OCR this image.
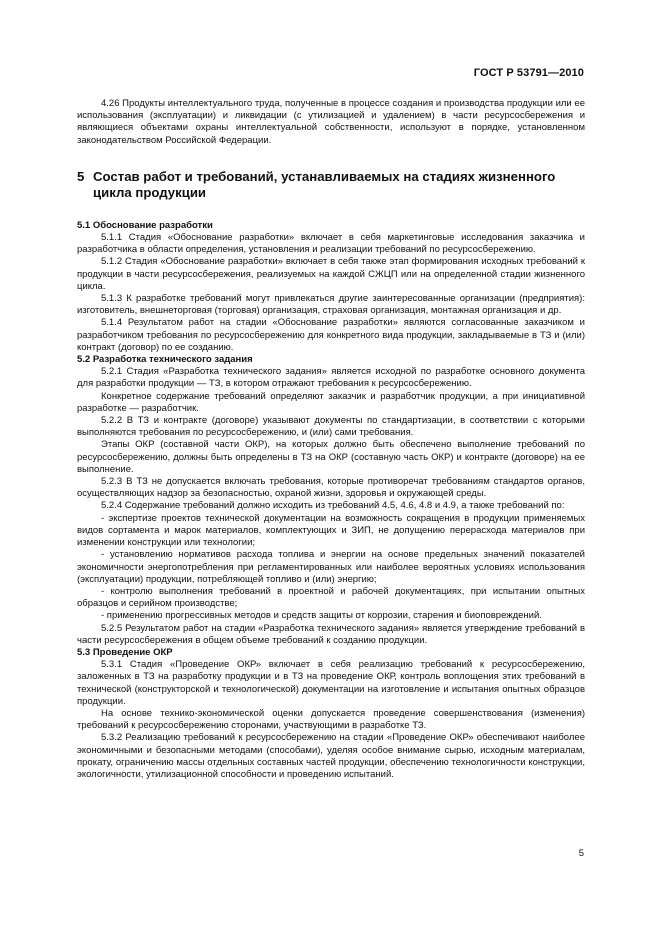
ГОСТ Р 53791—2010

4.26 Продукты интеллектуального труда, полученные в процессе создания и производства продукции или ее использования (эксплуатации) и ликвидации (с утилизацией и удалением) в части ресурсосбережения и являющиеся объектами охраны интеллектуальной собственности, используют в порядке, установленном законодательством Российской Федерации.

5 Состав работ и требований, устанавливаемых на стадиях жизненного
цикла продукции

5.1 Обоснование разработки

5.1.1 Стадия «Обоснование разработки» включает в себя маркетинговые исследования заказчика и разработчика в области определения, установления и реализации требований по ресурсосбережению.

5.1.2 Стадия «Обоснование разработки» включает в себя также этап формирования исходных требований к продукции в части ресурсосбережения, реализуемых на каждой СЖЦП или на определенной стадии жизненного цикла.

5.1.3 К разработке требований могут привлекаться другие заинтересованные организации (предприятия): изготовитель, внешнеторговая (торговая) организация, страховая организация, монтажная организация и др.

5.1.4 Результатом работ на стадии «Обоснование разработки» являются согласованные заказчиком и разработчиком требования по ресурсосбережению для конкретного вида продукции, закладываемые в ТЗ и (или) контракт (договор) по ее созданию.

5.2 Разработка технического задания

5.2.1 Стадия «Разработка технического задания» является исходной по разработке основного документа для разработки продукции — ТЗ, в котором отражают требования к ресурсосбережению.

Конкретное содержание требований определяют заказчик и разработчик продукции, а при инициативной разработке — разработчик.

5.2.2 В ТЗ и контракте (договоре) указывают документы по стандартизации, в соответствии с которыми выполняются требования по ресурсосбережению, и (или) сами требования.

Этапы ОКР (составной части ОКР), на которых должно быть обеспечено выполнение требований по ресурсосбережению, должны быть определены в ТЗ на ОКР (составную часть ОКР) и контракте (договоре) на ее выполнение.

5.2.3 В ТЗ не допускается включать требования, которые противоречат требованиям стандартов органов, осуществляющих надзор за безопасностью, охраной жизни, здоровья и окружающей среды.

5.2.4 Содержание требований должно исходить из требований 4.5, 4.6, 4.8 и 4.9, а также требований по:

- экспертизе проектов технической документации на возможность сокращения в продукции применяемых видов сортамента и марок материалов, комплектующих и ЗИП, не допущению перерасхода материалов при изменении конструкции или технологии;

- установлению нормативов расхода топлива и энергии на основе предельных значений показателей экономичности энергопотребления при регламентированных или наиболее вероятных условиях использования (эксплуатации) продукции, потребляющей топливо и (или) энергию;

- контролю выполнения требований в проектной и рабочей документациях, при испытании опытных образцов и серийном производстве;

- применению прогрессивных методов и средств защиты от коррозии, старения и биоповреждений.

5.2.5 Результатом работ на стадии «Разработка технического задания» является утверждение требований в части ресурсосбережения в общем объеме требований к созданию продукции.

5.3 Проведение ОКР

5.3.1 Стадия «Проведение ОКР» включает в себя реализацию требований к ресурсосбережению, заложенных в ТЗ на разработку продукции и в ТЗ на проведение ОКР, контроль воплощения этих требований в технической (конструкторской и технологической) документации на изготовление и испытания опытных образцов продукции.

На основе технико-экономической оценки допускается проведение совершенствования (изменения) требований к ресурсосбережению сторонами, участвующими в разработке ТЗ.

5.3.2 Реализацию требований к ресурсосбережению на стадии «Проведение ОКР» обеспечивают наиболее экономичными и безопасными методами (способами), уделяя особое внимание сырью, исходным материалам, прокату, ограничению массы отдельных составных частей продукции, обеспечению технологичности конструкции, экологичности, утилизационной способности и проведению испытаний.

5
